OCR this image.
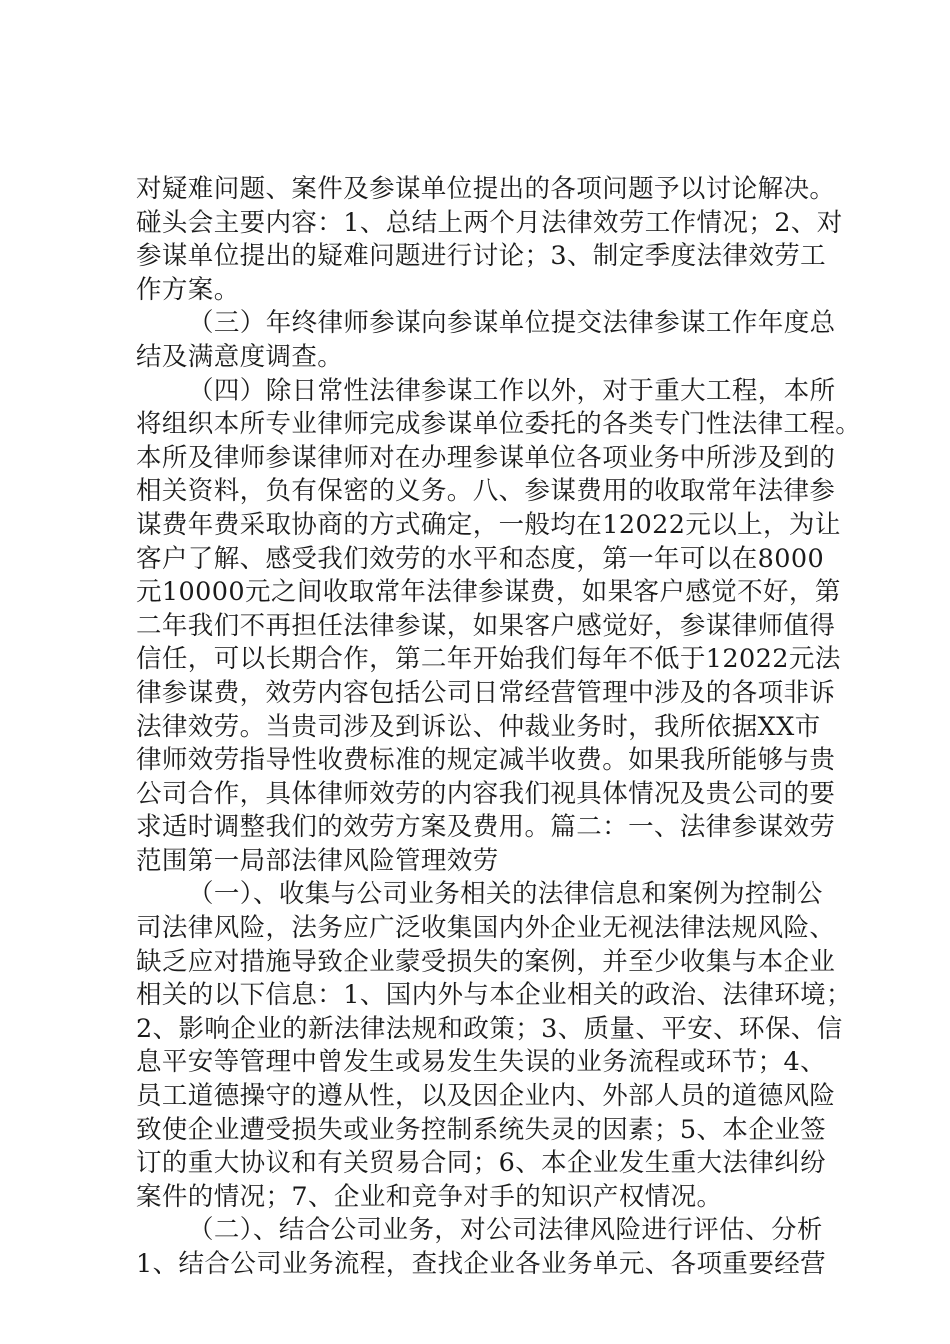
对疑难问题、案件及参谋单位提出的各项问题予以讨论解决。
碰头会主要内容：1、总结上两个月法律效劳工作情况；2、对
参谋单位提出的疑难问题进行讨论；3、制定季度法律效劳工
作方案。
（三）年终律师参谋向参谋单位提交法律参谋工作年度总
结及满意度调查。
（四）除日常性法律参谋工作以外，对于重大工程，本所
将组织本所专业律师完成参谋单位委托的各类专门性法律工程。
本所及律师参谋律师对在办理参谋单位各项业务中所涉及到的
相关资料，负有保密的义务。八、参谋费用的收取常年法律参
谋费年费采取协商的方式确定，一般均在12022元以上，为让
客户了解、感受我们效劳的水平和态度，第一年可以在8000
元10000元之间收取常年法律参谋费，如果客户感觉不好，第
二年我们不再担任法律参谋，如果客户感觉好，参谋律师值得
信任，可以长期合作，第二年开始我们每年不低于12022元法
律参谋费，效劳内容包括公司日常经营管理中涉及的各项非诉
法律效劳。当贵司涉及到诉讼、仲裁业务时，我所依据XX市
律师效劳指导性收费标准的规定减半收费。如果我所能够与贵
公司合作，具体律师效劳的内容我们视具体情况及贵公司的要
求适时调整我们的效劳方案及费用。篇二：一、法律参谋效劳
范围第一局部法律风险管理效劳
（一）、收集与公司业务相关的法律信息和案例为控制公
司法律风险，法务应广泛收集国内外企业无视法律法规风险、
缺乏应对措施导致企业蒙受损失的案例，并至少收集与本企业
相关的以下信息：1、国内外与本企业相关的政治、法律环境；
2、影响企业的新法律法规和政策；3、质量、平安、环保、信
息平安等管理中曾发生或易发生失误的业务流程或环节；4、
员工道德操守的遵从性，以及因企业内、外部人员的道德风险
致使企业遭受损失或业务控制系统失灵的因素；5、本企业签
订的重大协议和有关贸易合同；6、本企业发生重大法律纠纷
案件的情况；7、企业和竞争对手的知识产权情况。
（二）、结合公司业务，对公司法律风险进行评估、分析
1、结合公司业务流程，查找企业各业务单元、各项重要经营
